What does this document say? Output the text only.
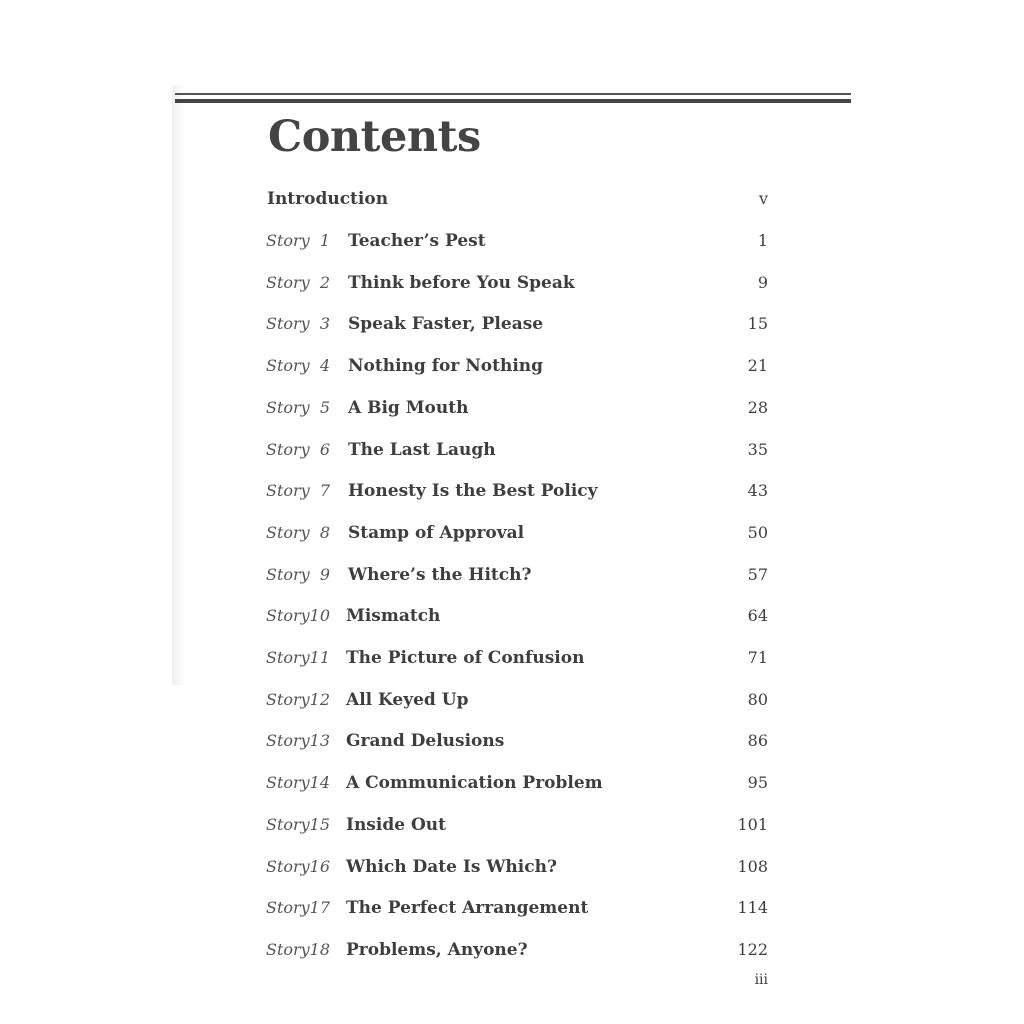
Contents
Introduction	v
Story 1 Teacher’s Pest	1
Story 2 Think before You Speak	9
Story 3 Speak Faster, Please	15
Story 4 Nothing for Nothing	21
Story 5 A Big Mouth	28
Story 6 The Last Laugh	35
Story 7 Honesty Is the Best Policy	43
Story 8 Stamp of Approval	50
Story 9 Where’s the Hitch?	57
Story 10 Mismatch	64
Story 11 The Picture of Confusion	71
Story 12 All Keyed Up	80
Story 13 Grand Delusions	86
Story 14 A Communication Problem	95
Story 15 Inside Out	101
Story 16 Which Date Is Which?	108
Story 17 The Perfect Arrangement	114
Story 18 Problems, Anyone?	122
iii
